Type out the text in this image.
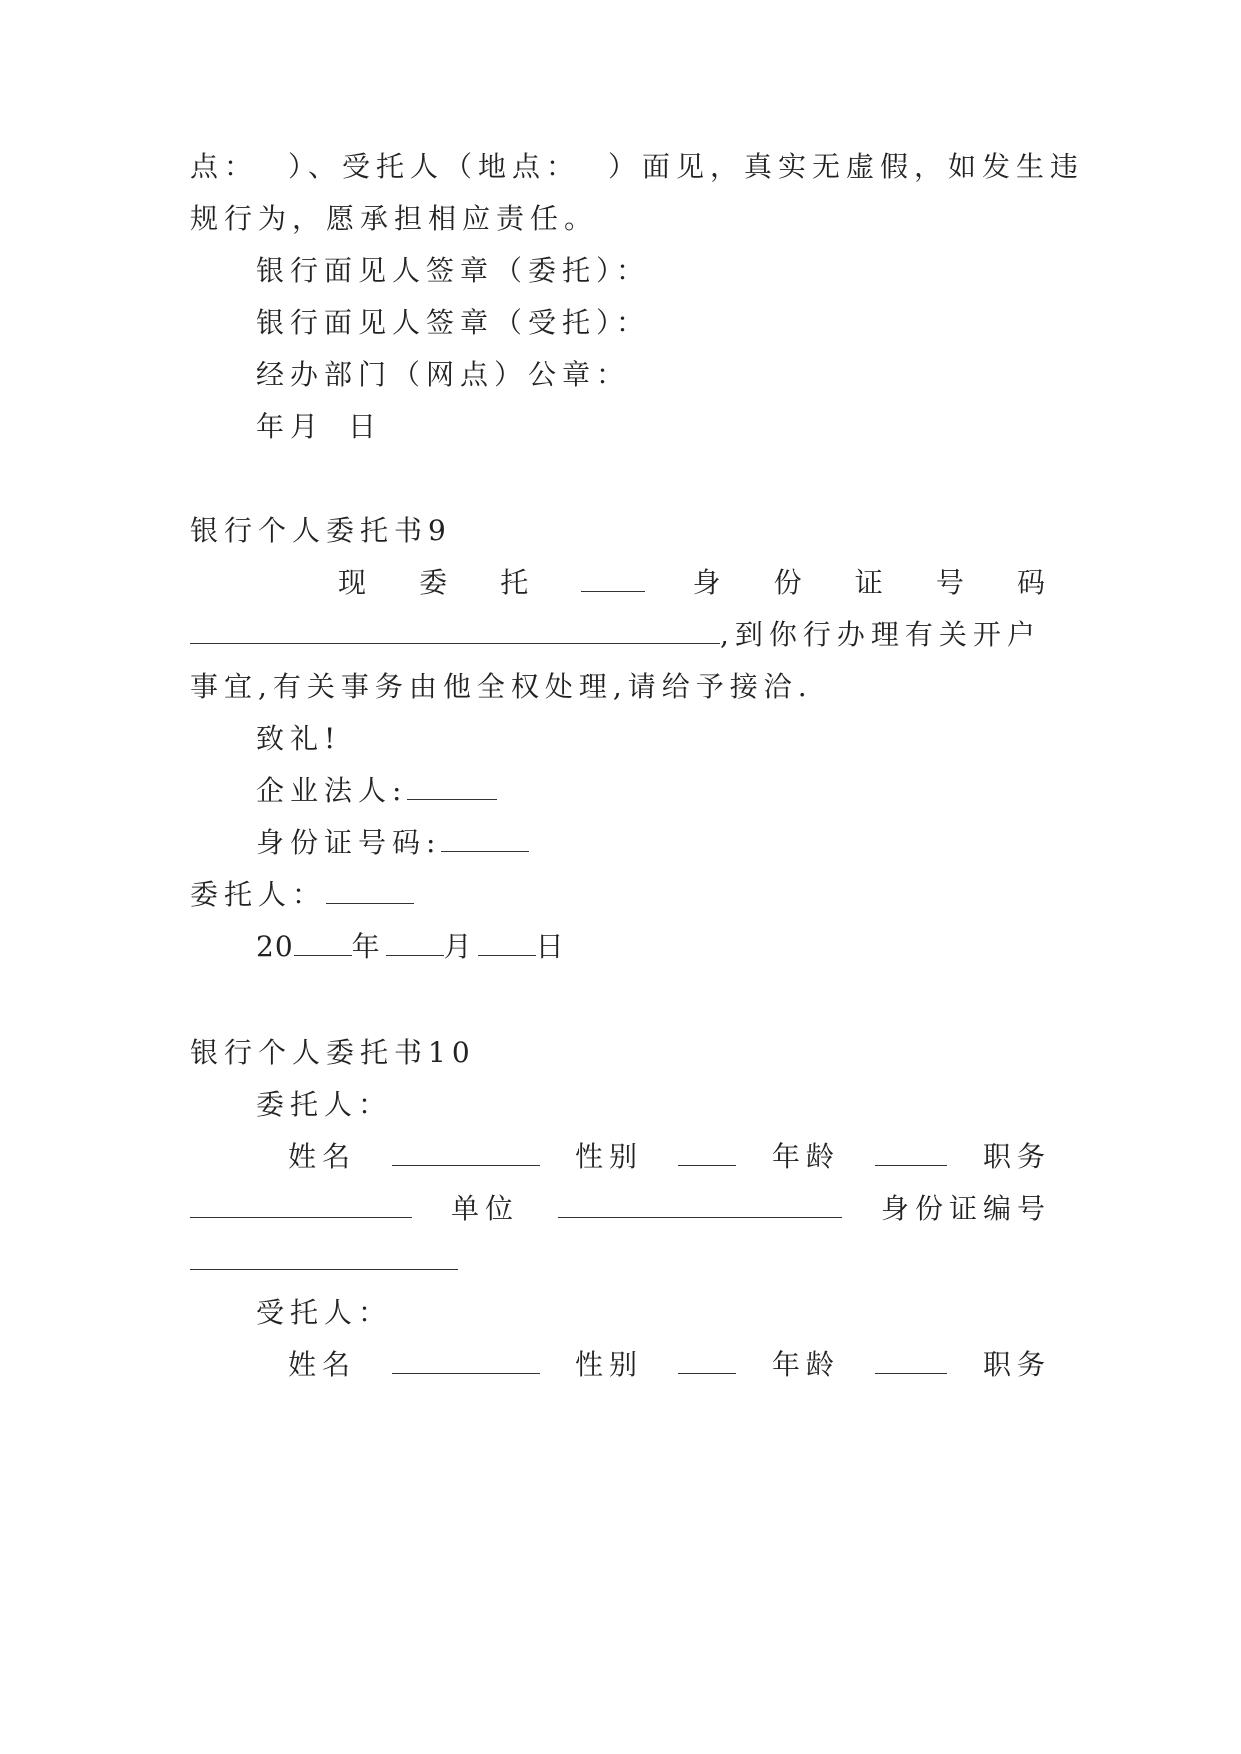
点： ）、受托人（地点： ）面见，真实无虚假，如发生违
规行为，愿承担相应责任。
银行面见人签章（委托）：
银行面见人签章（受托）：
经办部门（网点）公章：
年月 日
银行个人委托书9
现 委 托	身 份 证 号 码
,到你行办理有关开户
事宜,有关事务由他全权处理,请给予接洽.
致礼!
企业法人:
身份证号码:
委托人：
20 年 月 日
银行个人委托书10
委托人：
姓名	性别	年龄	职务
单位	身份证编号
受托人：
姓名	性别	年龄	职务
